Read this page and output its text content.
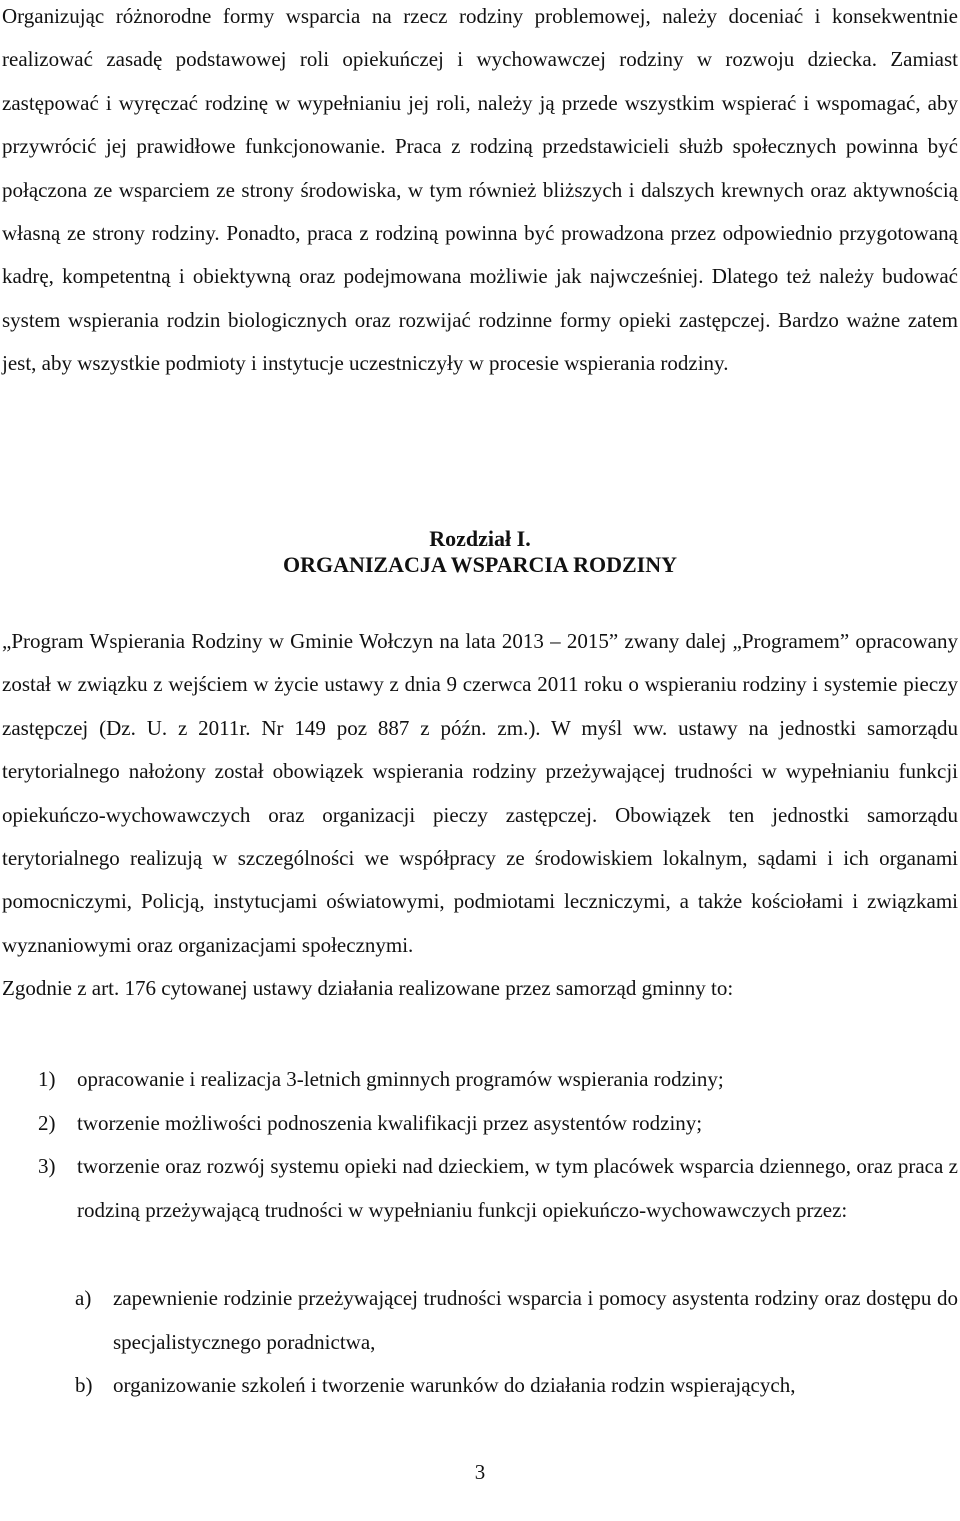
Organizując różnorodne formy wsparcia na rzecz rodziny problemowej, należy doceniać i konsekwentnie realizować zasadę podstawowej roli opiekuńczej i wychowawczej rodziny w rozwoju dziecka. Zamiast zastępować i wyręczać rodzinę w wypełnianiu jej roli, należy ją przede wszystkim wspierać i wspomagać, aby przywrócić jej prawidłowe funkcjonowanie. Praca z rodziną przedstawicieli służb społecznych powinna być połączona ze wsparciem ze strony środowiska, w tym również bliższych i dalszych krewnych oraz aktywnością własną ze strony rodziny. Ponadto, praca z rodziną powinna być prowadzona przez odpowiednio przygotowaną kadrę, kompetentną i obiektywną oraz podejmowana możliwie jak najwcześniej. Dlatego też należy budować system wspierania rodzin biologicznych oraz rozwijać rodzinne formy opieki zastępczej. Bardzo ważne zatem jest, aby wszystkie podmioty i instytucje uczestniczyły w procesie wspierania rodziny.

Rozdział I.

ORGANIZACJA WSPARCIA RODZINY

„Program Wspierania Rodziny w Gminie Wołczyn na lata 2013 – 2015” zwany dalej „Programem” opracowany został w związku z wejściem w życie ustawy z dnia 9 czerwca 2011 roku o wspieraniu rodziny i systemie pieczy zastępczej (Dz. U. z 2011r. Nr 149 poz 887 z późn. zm.). W myśl ww. ustawy na jednostki samorządu terytorialnego nałożony został obowiązek wspierania rodziny przeżywającej trudności w wypełnianiu funkcji opiekuńczo-wychowawczych oraz organizacji pieczy zastępczej. Obowiązek ten jednostki samorządu terytorialnego realizują w szczególności we współpracy ze środowiskiem lokalnym, sądami i ich organami pomocniczymi, Policją, instytucjami oświatowymi, podmiotami leczniczymi, a także kościołami i związkami wyznaniowymi oraz organizacjami społecznymi.
Zgodnie z art. 176 cytowanej ustawy działania realizowane przez samorząd gminny to:

1) opracowanie i realizacja 3-letnich gminnych programów wspierania rodziny;
2) tworzenie możliwości podnoszenia kwalifikacji przez asystentów rodziny;
3) tworzenie oraz rozwój systemu opieki nad dzieckiem, w tym placówek wsparcia dziennego, oraz praca z rodziną przeżywającą trudności w wypełnianiu funkcji opiekuńczo-wychowawczych przez:
a) zapewnienie rodzinie przeżywającej trudności wsparcia i pomocy asystenta rodziny oraz dostępu do specjalistycznego poradnictwa,
b) organizowanie szkoleń i tworzenie warunków do działania rodzin wspierających,
3
